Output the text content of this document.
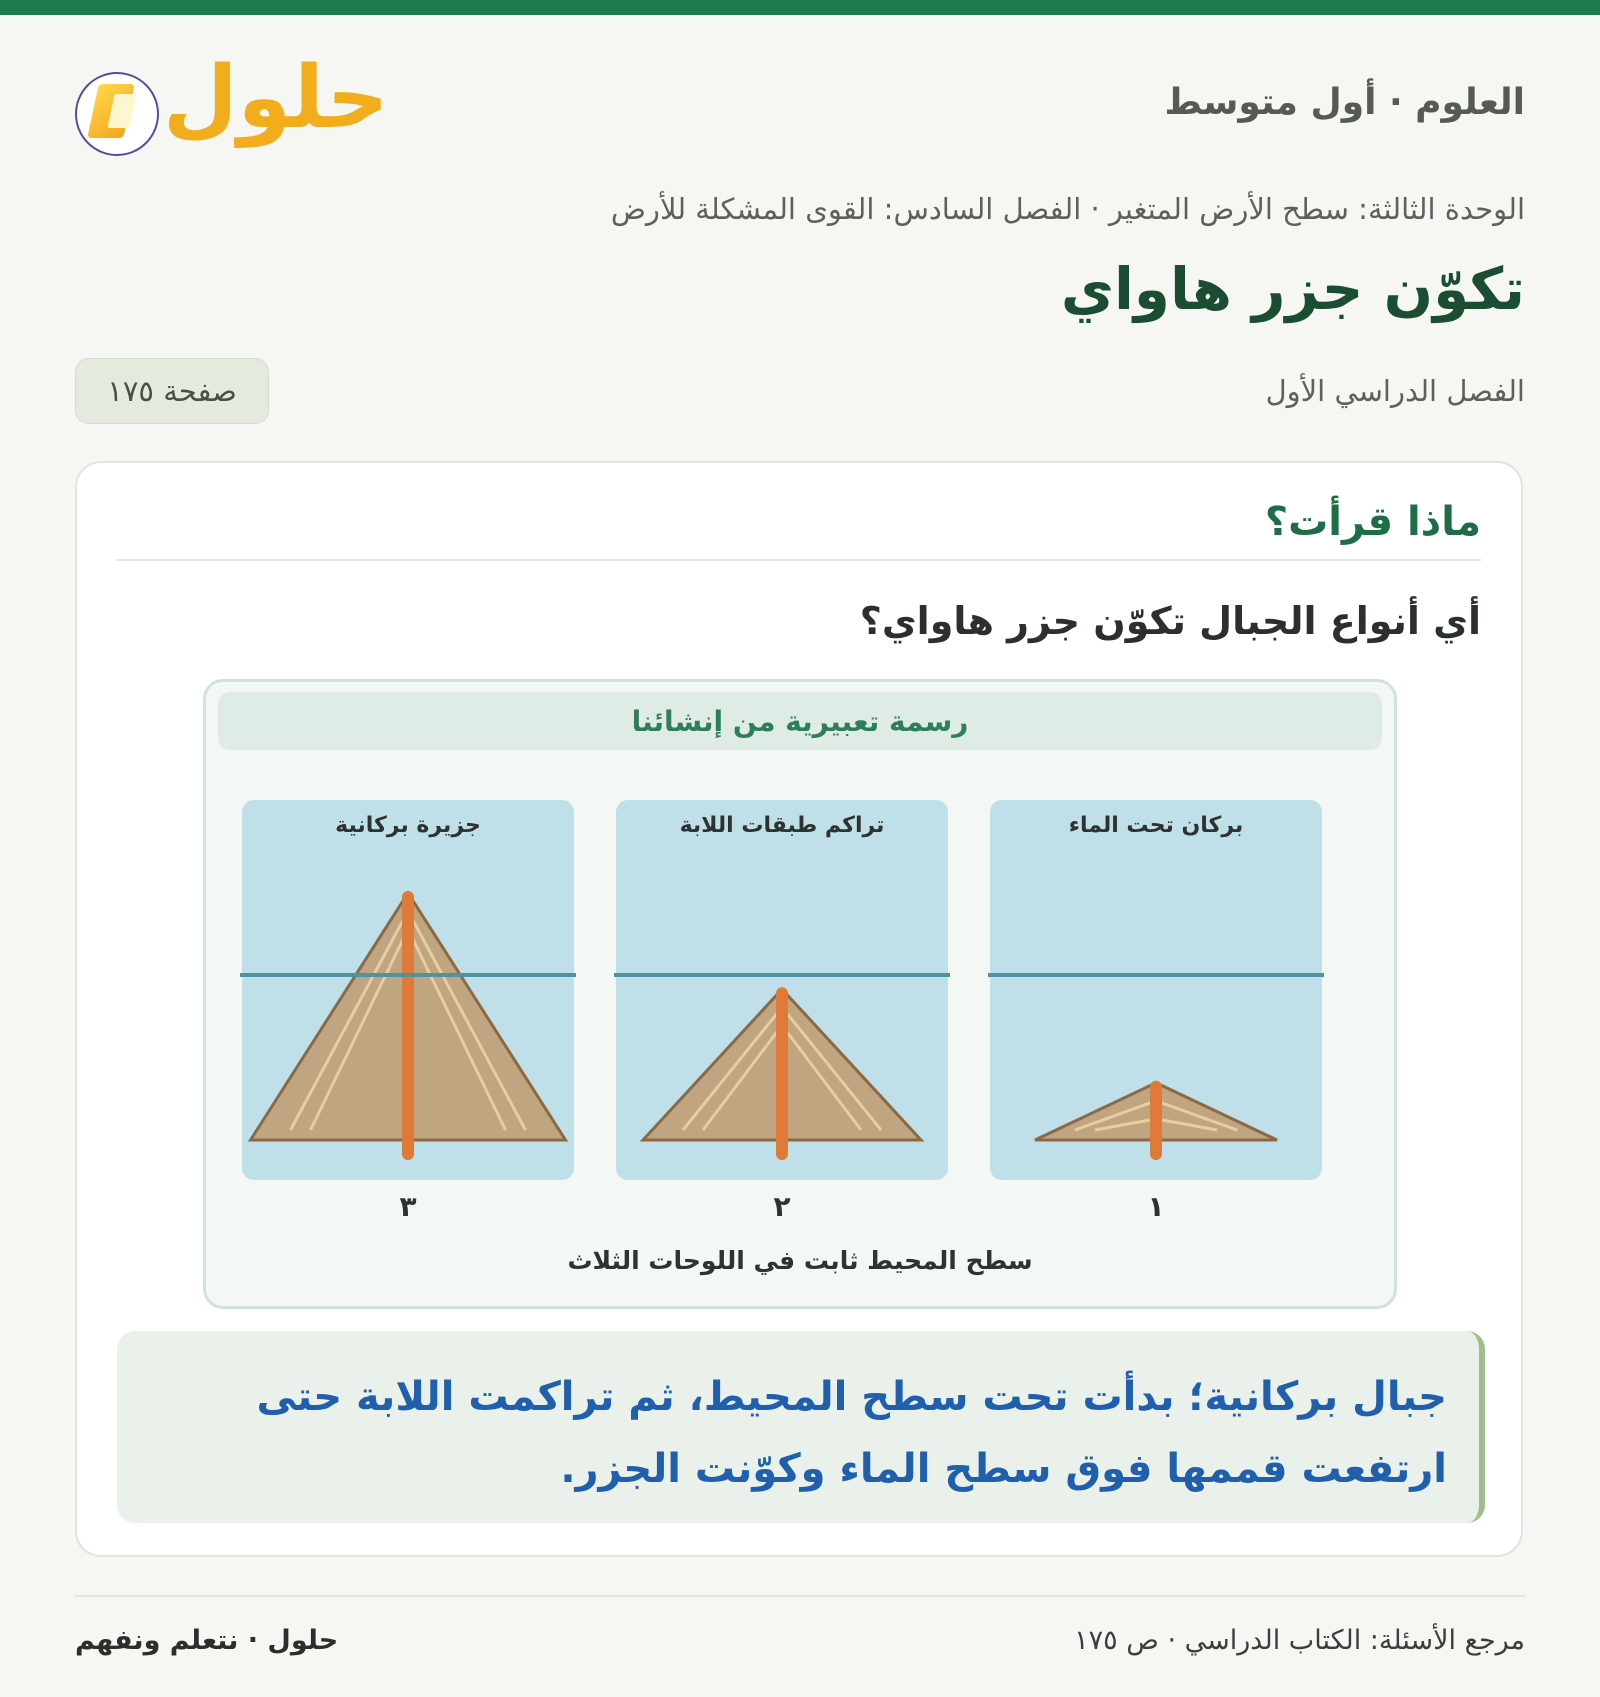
العلوم · أول متوسط
حلول
الوحدة الثالثة: سطح الأرض المتغير · الفصل السادس: القوى المشكلة للأرض
تكوّن جزر هاواي
الفصل الدراسي الأول
صفحة ١٧٥
ماذا قرأت؟
أي أنواع الجبال تكوّن جزر هاواي؟
بركان تحت الماء
١
تراكم طبقات اللابة
٢
جزيرة بركانية
٣
رسمة تعبيرية من إنشائنا
سطح المحيط ثابت في اللوحات الثلاث
جبال بركانية؛ بدأت تحت سطح المحيط، ثم تراكمت اللابة حتى ارتفعت قممها فوق سطح الماء وكوّنت الجزر.
مرجع الأسئلة: الكتاب الدراسي · ص ١٧٥
حلول · نتعلم ونفهم
